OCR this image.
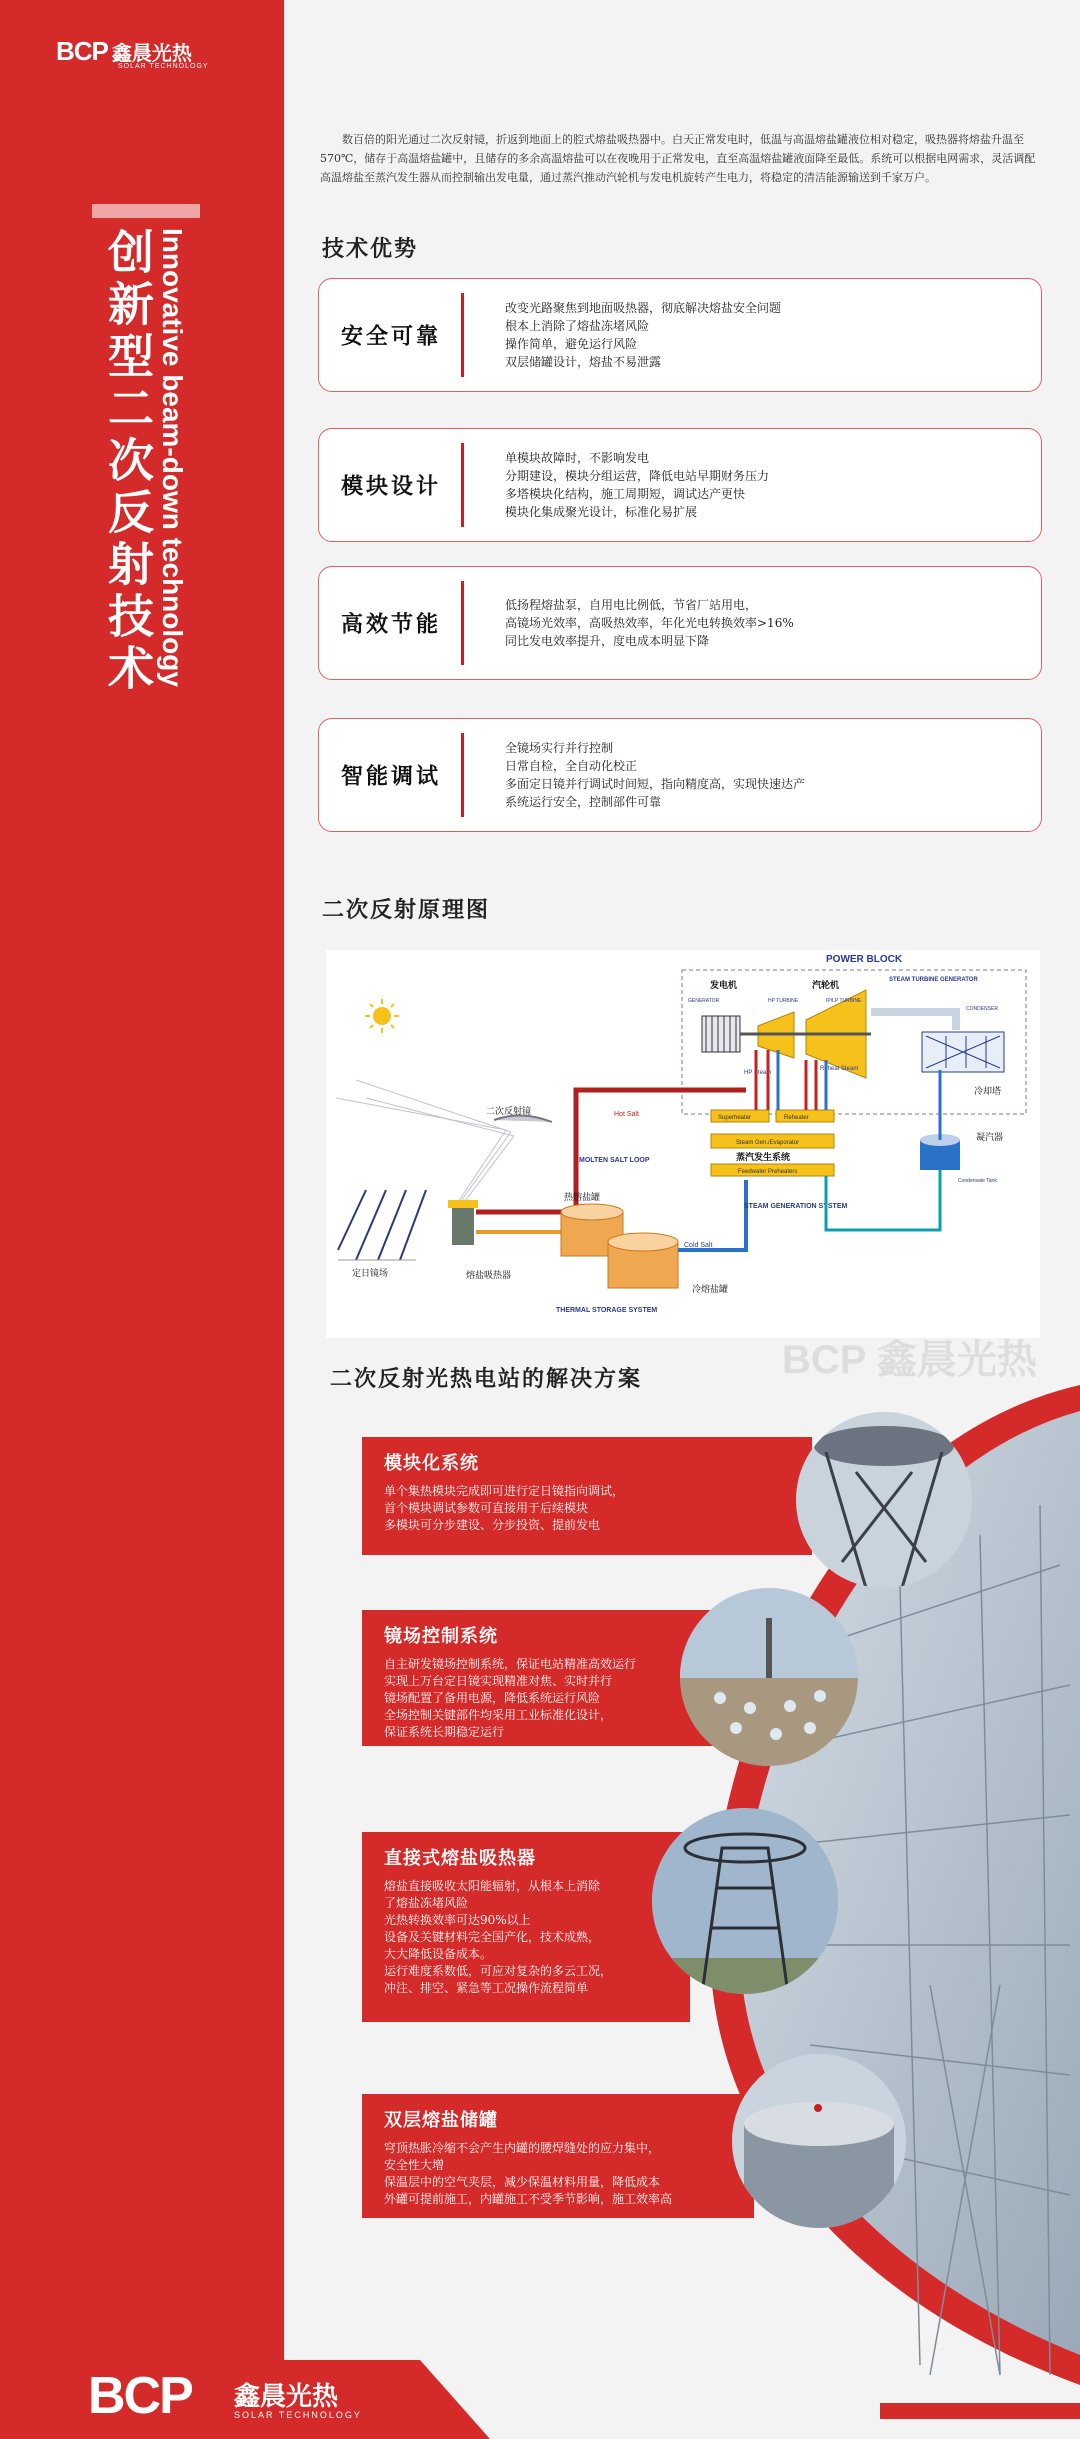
BCP 鑫晨光热
SOLAR TECHNOLOGY
创新型二次反射技术 Innovative beam-down technology

数百倍的阳光通过二次反射镜，折返到地面上的腔式熔盐吸热器中。白天正常发电时，低温与高温熔盐罐液位相对稳定，吸热器将熔盐升温至570℃，储存于高温熔盐罐中，且储存的多余高温熔盐可以在夜晚用于正常发电，直至高温熔盐罐液面降至最低。系统可以根据电网需求，灵活调配高温熔盐至蒸汽发生器从而控制输出发电量，通过蒸汽推动汽轮机与发电机旋转产生电力，将稳定的清洁能源输送到千家万户。

技术优势
安全可靠
改变光路聚焦到地面吸热器，彻底解决熔盐安全问题
根本上消除了熔盐冻堵风险
操作简单，避免运行风险
双层储罐设计，熔盐不易泄露
模块设计
单模块故障时，不影响发电
分期建设，模块分组运营，降低电站早期财务压力
多塔模块化结构，施工周期短，调试达产更快
模块化集成聚光设计，标准化易扩展
高效节能
低扬程熔盐泵，自用电比例低，节省厂站用电，
高镜场光效率，高吸热效率，年化光电转换效率>16%
同比发电效率提升，度电成本明显下降
智能调试
全镜场实行并行控制
日常自检，全自动化校正
多面定日镜并行调试时间短，指向精度高，实现快速达产
系统运行安全，控制部件可靠
二次反射原理图
POWER BLOCK
STEAM TURBINE GENERATOR
二次反射镜
熔盐吸热器
定日镜场
Hot Salt
MOLTEN SALT LOOP
热熔盐罐
冷熔盐罐
Cold Salt
THERMAL STORAGE SYSTEM
Superheater	Reheater
Steam Gen./Evaporator
蒸汽发生系统
Feedwater Preheaters
STEAM GENERATION SYSTEM
发电机
GENERATOR
汽轮机
HP TURBINE	IP/LP TURBINE
HP Steam
Reheat Steam
CONDENSER
冷却塔
凝汽器
Condensate Tank
BCP 鑫晨光热
二次反射光热电站的解决方案
模块化系统
单个集热模块完成即可进行定日镜指向调试，
首个模块调试参数可直接用于后续模块
多模块可分步建设、分步投资、提前发电
镜场控制系统
自主研发镜场控制系统，保证电站精准高效运行
实现上万台定日镜实现精准对焦、实时并行
镜场配置了备用电源，降低系统运行风险
全场控制关键部件均采用工业标准化设计，
保证系统长期稳定运行
直接式熔盐吸热器
熔盐直接吸收太阳能辐射，从根本上消除
了熔盐冻堵风险
光热转换效率可达90%以上
设备及关键材料完全国产化，技术成熟，
大大降低设备成本。
运行难度系数低，可应对复杂的多云工况，
冲注、排空、紧急等工况操作流程简单
双层熔盐储罐
穹顶热胀冷缩不会产生内罐的腰焊缝处的应力集中，
安全性大增
保温层中的空气夹层，减少保温材料用量，降低成本
外罐可提前施工，内罐施工不受季节影响，施工效率高
BCP 鑫晨光热
SOLAR TECHNOLOGY
